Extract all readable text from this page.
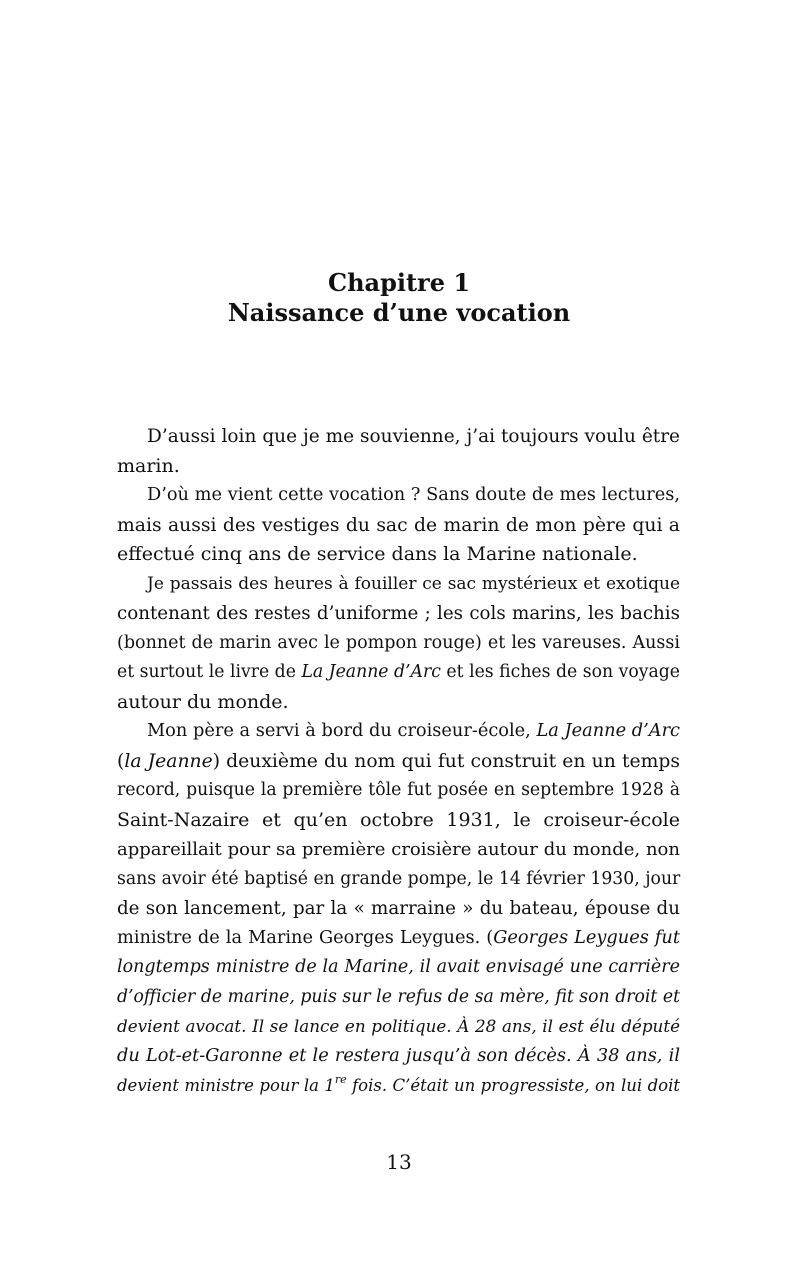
Chapitre 1
Naissance d’une vocation
D’aussi loin que je me souvienne, j’ai toujours voulu être
marin.
D’où me vient cette vocation ? Sans doute de mes lectures,
mais aussi des vestiges du sac de marin de mon père qui a
effectué cinq ans de service dans la Marine nationale.
Je passais des heures à fouiller ce sac mystérieux et exotique
contenant des restes d’uniforme ; les cols marins, les bachis
(bonnet de marin avec le pompon rouge) et les vareuses. Aussi
et surtout le livre de La Jeanne d’Arc et les fiches de son voyage
autour du monde.
Mon père a servi à bord du croiseur-école, La Jeanne d’Arc
(la Jeanne) deuxième du nom qui fut construit en un temps
record, puisque la première tôle fut posée en septembre 1928 à
Saint-Nazaire et qu’en octobre 1931, le croiseur-école
appareillait pour sa première croisière autour du monde, non
sans avoir été baptisé en grande pompe, le 14 février 1930, jour
de son lancement, par la « marraine » du bateau, épouse du
ministre de la Marine Georges Leygues. (Georges Leygues fut
longtemps ministre de la Marine, il avait envisagé une carrière
d’officier de marine, puis sur le refus de sa mère, fit son droit et
devient avocat. Il se lance en politique. À 28 ans, il est élu député
du Lot-et-Garonne et le restera jusqu’à son décès. À 38 ans, il
devient ministre pour la 1re fois. C’était un progressiste, on lui doit
13
